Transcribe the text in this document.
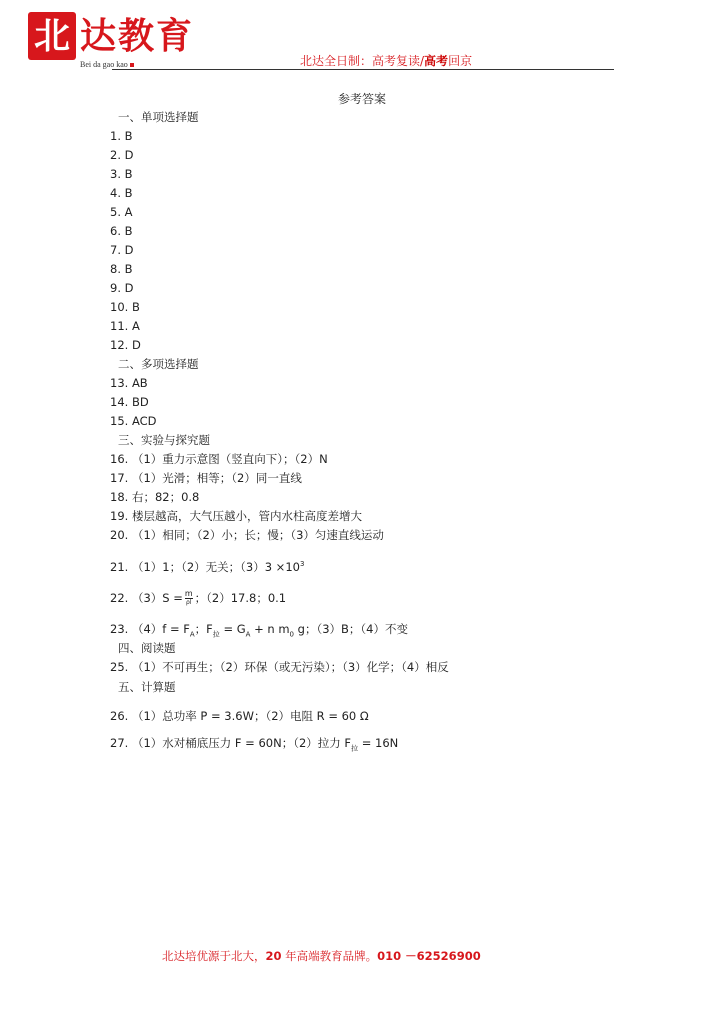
北 达教育
Bei da gao kao	北达全日制：高考复读/高考回京
参考答案
一、单项选择题
1. B
2. D
3. B
4. B
5. A
6. B
7. D
8. B
9. D
10. B
11. A
12. D
二、多项选择题
13. AB
14. BD
15. ACD
三、实验与探究题
16. （1）重力示意图（竖直向下）；（2）N
17. （1）光滑；相等；（2）同一直线
18. 右；82；0.8
19. 楼层越高，大气压越小，管内水柱高度差增大
20. （1）相同；（2）小；长；慢；（3）匀速直线运动
21. （1）1；（2）无关；$(3)3 \times 10^3$
22. $(3)S = \frac{m}{\rho l}$ ；（2）17.8；0.1
23. $(4)f = F_A$；$F_拉 = G_A + n$ $m_0$ g；（3）B；（4）不变
四、阅读题
25. （1）不可再生；（2）环保（或无污染）；（3）化学；（4）相反
五、计算题
26. （1）总功率 P = 3.6W；（2）电阻 R = 60 Ω
27. （1）水对桶底压力 F = 60N；（2）拉力 $F_拉 = 16N$
北达培优源于北大，20 年高端教育品牌。010 －62526900
